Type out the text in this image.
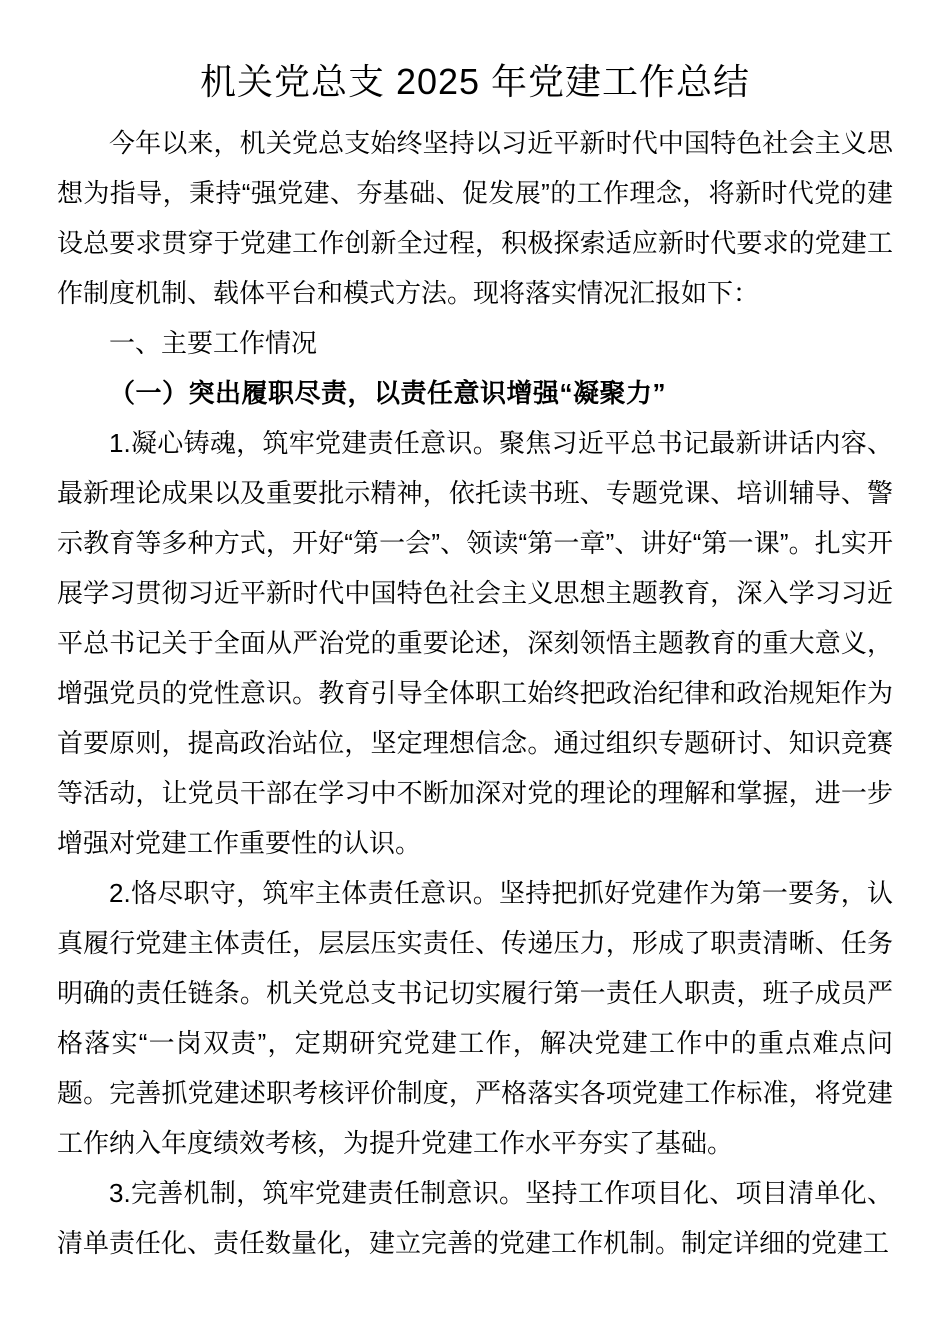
机关党总支 2025 年党建工作总结

今年以来，机关党总支始终坚持以习近平新时代中国特色社会主义思想为指导，秉持“强党建、夯基础、促发展”的工作理念，将新时代党的建设总要求贯穿于党建工作创新全过程，积极探索适应新时代要求的党建工作制度机制、载体平台和模式方法。现将落实情况汇报如下：

一、主要工作情况
（一）突出履职尽责，以责任意识增强“凝聚力”

1.凝心铸魂，筑牢党建责任意识。聚焦习近平总书记最新讲话内容、最新理论成果以及重要批示精神，依托读书班、专题党课、培训辅导、警示教育等多种方式，开好“第一会”、领读“第一章”、讲好“第一课”。扎实开展学习贯彻习近平新时代中国特色社会主义思想主题教育，深入学习习近平总书记关于全面从严治党的重要论述，深刻领悟主题教育的重大意义，增强党员的党性意识。教育引导全体职工始终把政治纪律和政治规矩作为首要原则，提高政治站位，坚定理想信念。通过组织专题研讨、知识竞赛等活动，让党员干部在学习中不断加深对党的理论的理解和掌握，进一步增强对党建工作重要性的认识。

2.恪尽职守，筑牢主体责任意识。坚持把抓好党建作为第一要务，认真履行党建主体责任，层层压实责任、传递压力，形成了职责清晰、任务明确的责任链条。机关党总支书记切实履行第一责任人职责，班子成员严格落实“一岗双责”，定期研究党建工作，解决党建工作中的重点难点问题。完善抓党建述职考核评价制度，严格落实各项党建工作标准，将党建工作纳入年度绩效考核，为提升党建工作水平夯实了基础。

3.完善机制，筑牢党建责任制意识。坚持工作项目化、项目清单化、清单责任化、责任数量化，建立完善的党建工作机制。制定详细的党建工
